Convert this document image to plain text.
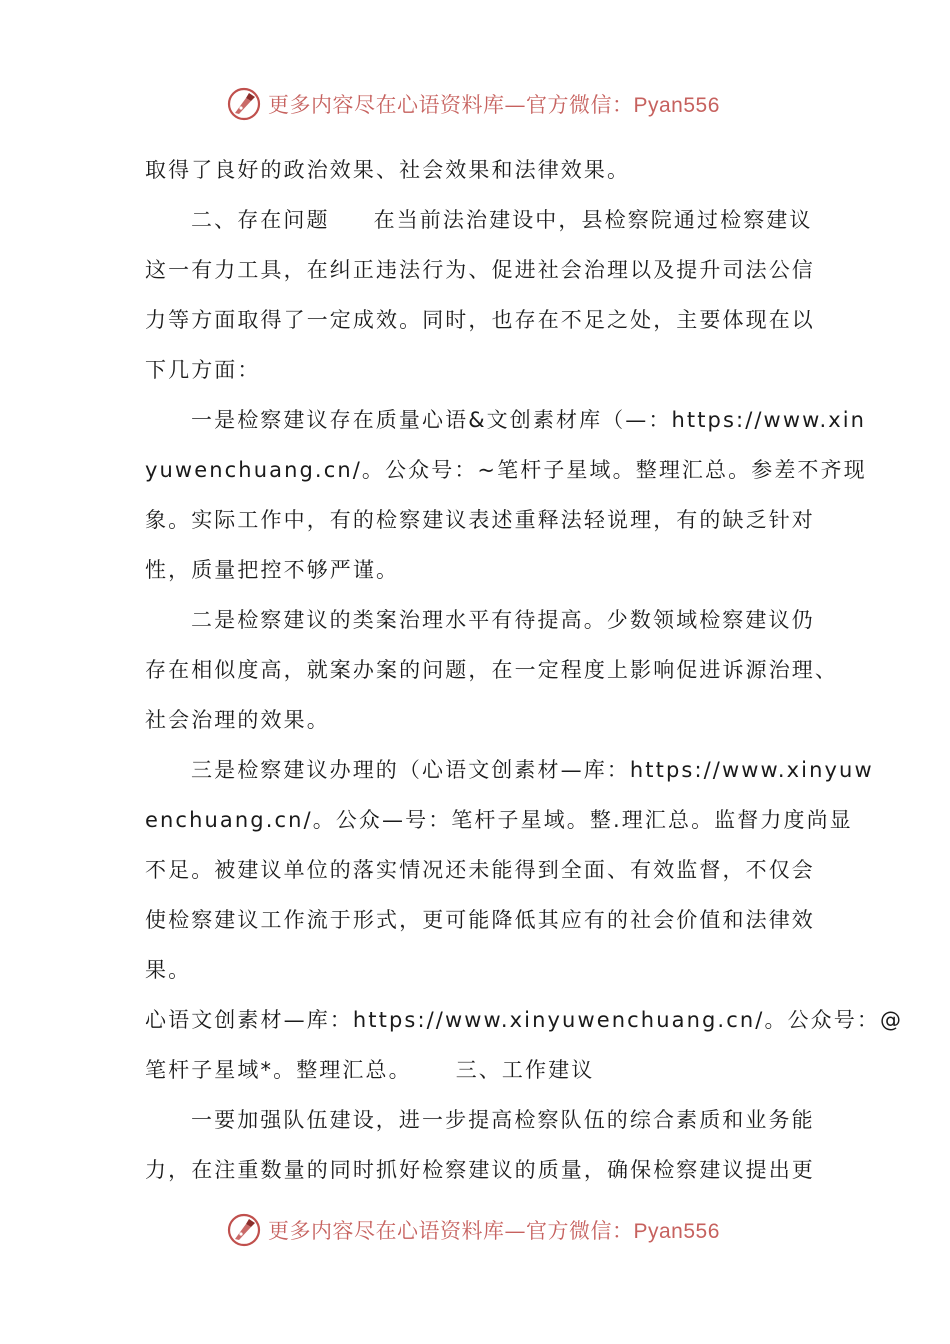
更多内容尽在心语资料库—官方微信：Pyan556
取得了良好的政治效果、社会效果和法律效果。
二、存在问题 在当前法治建设中，县检察院通过检察建议
这一有力工具，在纠正违法行为、促进社会治理以及提升司法公信
力等方面取得了一定成效。同时，也存在不足之处，主要体现在以
下几方面：
一是检察建议存在质量心语&文创素材库（—：https://www.xin
yuwenchuang.cn/。公众号：~笔杆子星域。整理汇总。参差不齐现
象。实际工作中，有的检察建议表述重释法轻说理，有的缺乏针对
性，质量把控不够严谨。
二是检察建议的类案治理水平有待提高。少数领域检察建议仍
存在相似度高，就案办案的问题，在一定程度上影响促进诉源治理、
社会治理的效果。
三是检察建议办理的（心语文创素材—库：https://www.xinyuw
enchuang.cn/。公众—号：笔杆子星域。整.理汇总。监督力度尚显
不足。被建议单位的落实情况还未能得到全面、有效监督，不仅会
使检察建议工作流于形式，更可能降低其应有的社会价值和法律效
果。
心语文创素材—库：https://www.xinyuwenchuang.cn/。公众号：@
笔杆子星域*。整理汇总。 三、工作建议
一要加强队伍建设，进一步提高检察队伍的综合素质和业务能
力，在注重数量的同时抓好检察建议的质量，确保检察建议提出更
更多内容尽在心语资料库—官方微信：Pyan556
